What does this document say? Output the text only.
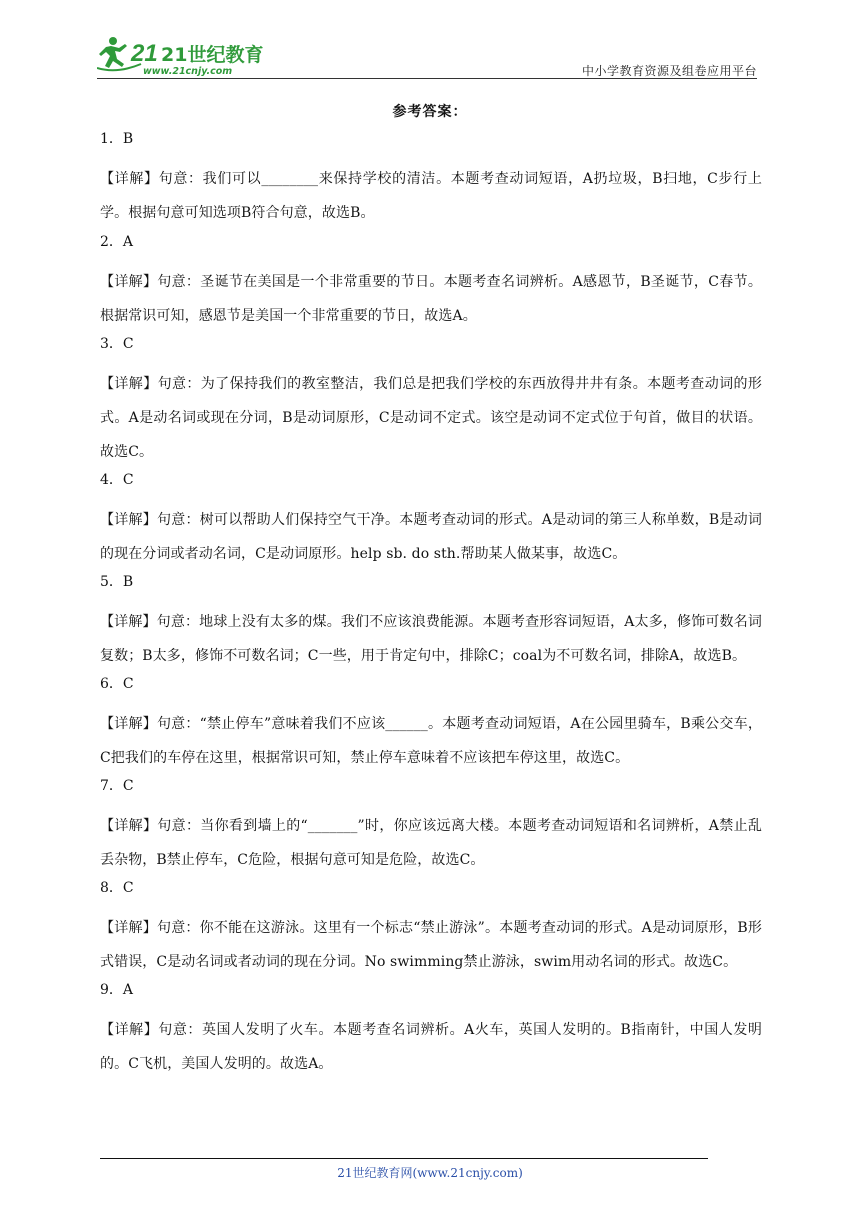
21 21世纪教育
www.21cnjy.com	中小学教育资源及组卷应用平台
参考答案：
1．B
【详解】句意：我们可以________来保持学校的清洁。本题考查动词短语，A扔垃圾，B扫地，C步行上学。根据句意可知选项B符合句意，故选B。
2．A
【详解】句意：圣诞节在美国是一个非常重要的节日。本题考查名词辨析。A感恩节，B圣诞节，C春节。根据常识可知，感恩节是美国一个非常重要的节日，故选A。
3．C
【详解】句意：为了保持我们的教室整洁，我们总是把我们学校的东西放得井井有条。本题考查动词的形式。A是动名词或现在分词，B是动词原形，C是动词不定式。该空是动词不定式位于句首，做目的状语。故选C。
4．C
【详解】句意：树可以帮助人们保持空气干净。本题考查动词的形式。A是动词的第三人称单数，B是动词的现在分词或者动名词，C是动词原形。help sb. do sth.帮助某人做某事，故选C。
5．B
【详解】句意：地球上没有太多的煤。我们不应该浪费能源。本题考查形容词短语，A太多，修饰可数名词复数；B太多，修饰不可数名词；C一些，用于肯定句中，排除C；coal为不可数名词，排除A，故选B。
6．C
【详解】句意：“禁止停车”意味着我们不应该______。本题考查动词短语，A在公园里骑车，B乘公交车，C把我们的车停在这里，根据常识可知，禁止停车意味着不应该把车停这里，故选C。
7．C
【详解】句意：当你看到墙上的“_______”时，你应该远离大楼。本题考查动词短语和名词辨析，A禁止乱丢杂物，B禁止停车，C危险，根据句意可知是危险，故选C。
8．C
【详解】句意：你不能在这游泳。这里有一个标志“禁止游泳”。本题考查动词的形式。A是动词原形，B形式错误，C是动名词或者动词的现在分词。No swimming禁止游泳，swim用动名词的形式。故选C。
9．A
【详解】句意：英国人发明了火车。本题考查名词辨析。A火车，英国人发明的。B指南针，中国人发明的。C飞机，美国人发明的。故选A。
21世纪教育网(www.21cnjy.com)
